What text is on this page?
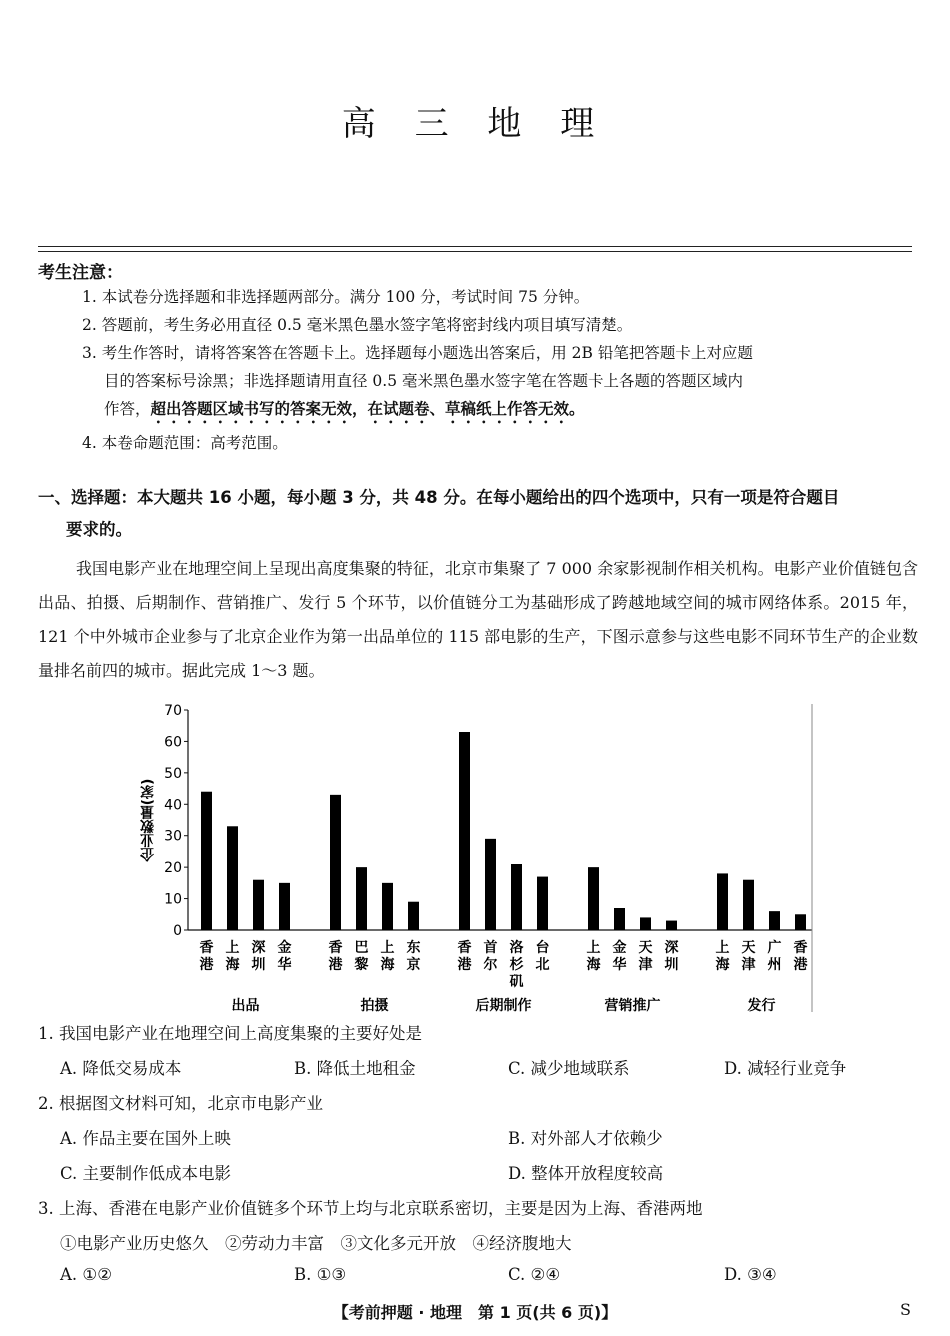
高 三 地 理
考生注意：
1. 本试卷分选择题和非选择题两部分。满分 100 分，考试时间 75 分钟。
2. 答题前，考生务必用直径 0.5 毫米黑色墨水签字笔将密封线内项目填写清楚。
3. 考生作答时，请将答案答在答题卡上。选择题每小题选出答案后，用 2B 铅笔把答题卡上对应题
目的答案标号涂黑；非选择题请用直径 0.5 毫米黑色墨水签字笔在答题卡上各题的答题区域内
作答，超出答题区域书写的答案无效，在试题卷、草稿纸上作答无效。
4. 本卷命题范围：高考范围。
一、选择题：本大题共 16 小题，每小题 3 分，共 48 分。在每小题给出的四个选项中，只有一项是符合题目
要求的。
我国电影产业在地理空间上呈现出高度集聚的特征，北京市集聚了 7 000 余家影视制作相关机构。电影产业价值链包含出品、拍摄、后期制作、营销推广、发行 5 个环节，以价值链分工为基础形成了跨越地域空间的城市网络体系。2015 年，121 个中外城市企业参与了北京企业作为第一出品单位的 115 部电影的生产，下图示意参与这些电影不同环节生产的企业数量排名前四的城市。据此完成 1～3 题。
0
10
20
30
40
50
60
70
企业数量(家)
香
港
上
海
深
圳
金
华
出品
香
港
巴
黎
上
海
东
京
拍摄
香
港
首
尔
洛
杉
矶
台
北
后期制作
上
海
金
华
天
津
深
圳
营销推广
上
海
天
津
广
州
香
港
发行
1. 我国电影产业在地理空间上高度集聚的主要好处是
A. 降低交易成本	B. 降低土地租金	C. 减少地域联系	D. 减轻行业竞争
2. 根据图文材料可知，北京市电影产业
A. 作品主要在国外上映	B. 对外部人才依赖少
C. 主要制作低成本电影	D. 整体开放程度较高
3. 上海、香港在电影产业价值链多个环节上均与北京联系密切，主要是因为上海、香港两地
①电影产业历史悠久　②劳动力丰富　③文化多元开放　④经济腹地大
A. ①②	B. ①③	C. ②④	D. ③④
【考前押题 · 地理　第 1 页(共 6 页)】	S
